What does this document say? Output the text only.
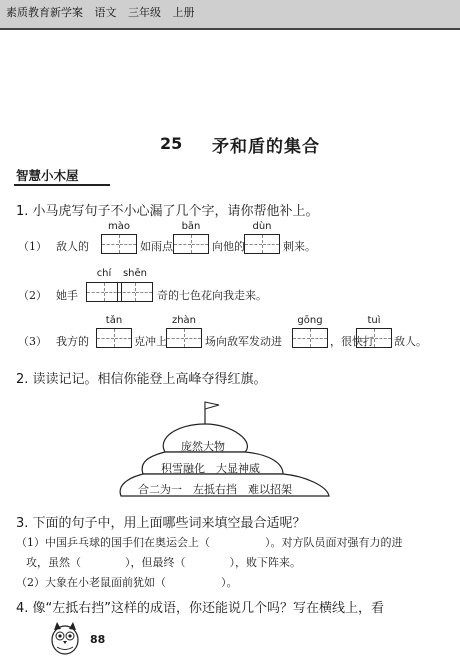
素质教育新学案 语文 三年级 上册
25 矛和盾的集合
智慧小木屋
1. 小马虎写句子不小心漏了几个字，请你帮他补上。
mào	bān	dùn
（1） 敌人的	如雨点	向他的	刺来。
chí	shēn
（2） 她手	奇的七色花向我走来。
tǎn	zhàn	gōng	tuì
（3） 我方的	克冲上	场向敌军发动进	，很快打 敌人。
2. 读读记记。相信你能登上高峰夺得红旗。
庞然大物
积雪融化　大显神威
合二为一　左抵右挡　难以招架
3. 下面的句子中，用上面哪些词来填空最合适呢？
（1）中国乒乓球的国手们在奥运会上（　　　　　）。对方队员面对强有力的进
攻，虽然（　　　　），但最终（　　　　），败下阵来。
（2）大象在小老鼠面前犹如（　　　　　）。
4. 像“左抵右挡”这样的成语，你还能说几个吗？写在横线上，看
88
